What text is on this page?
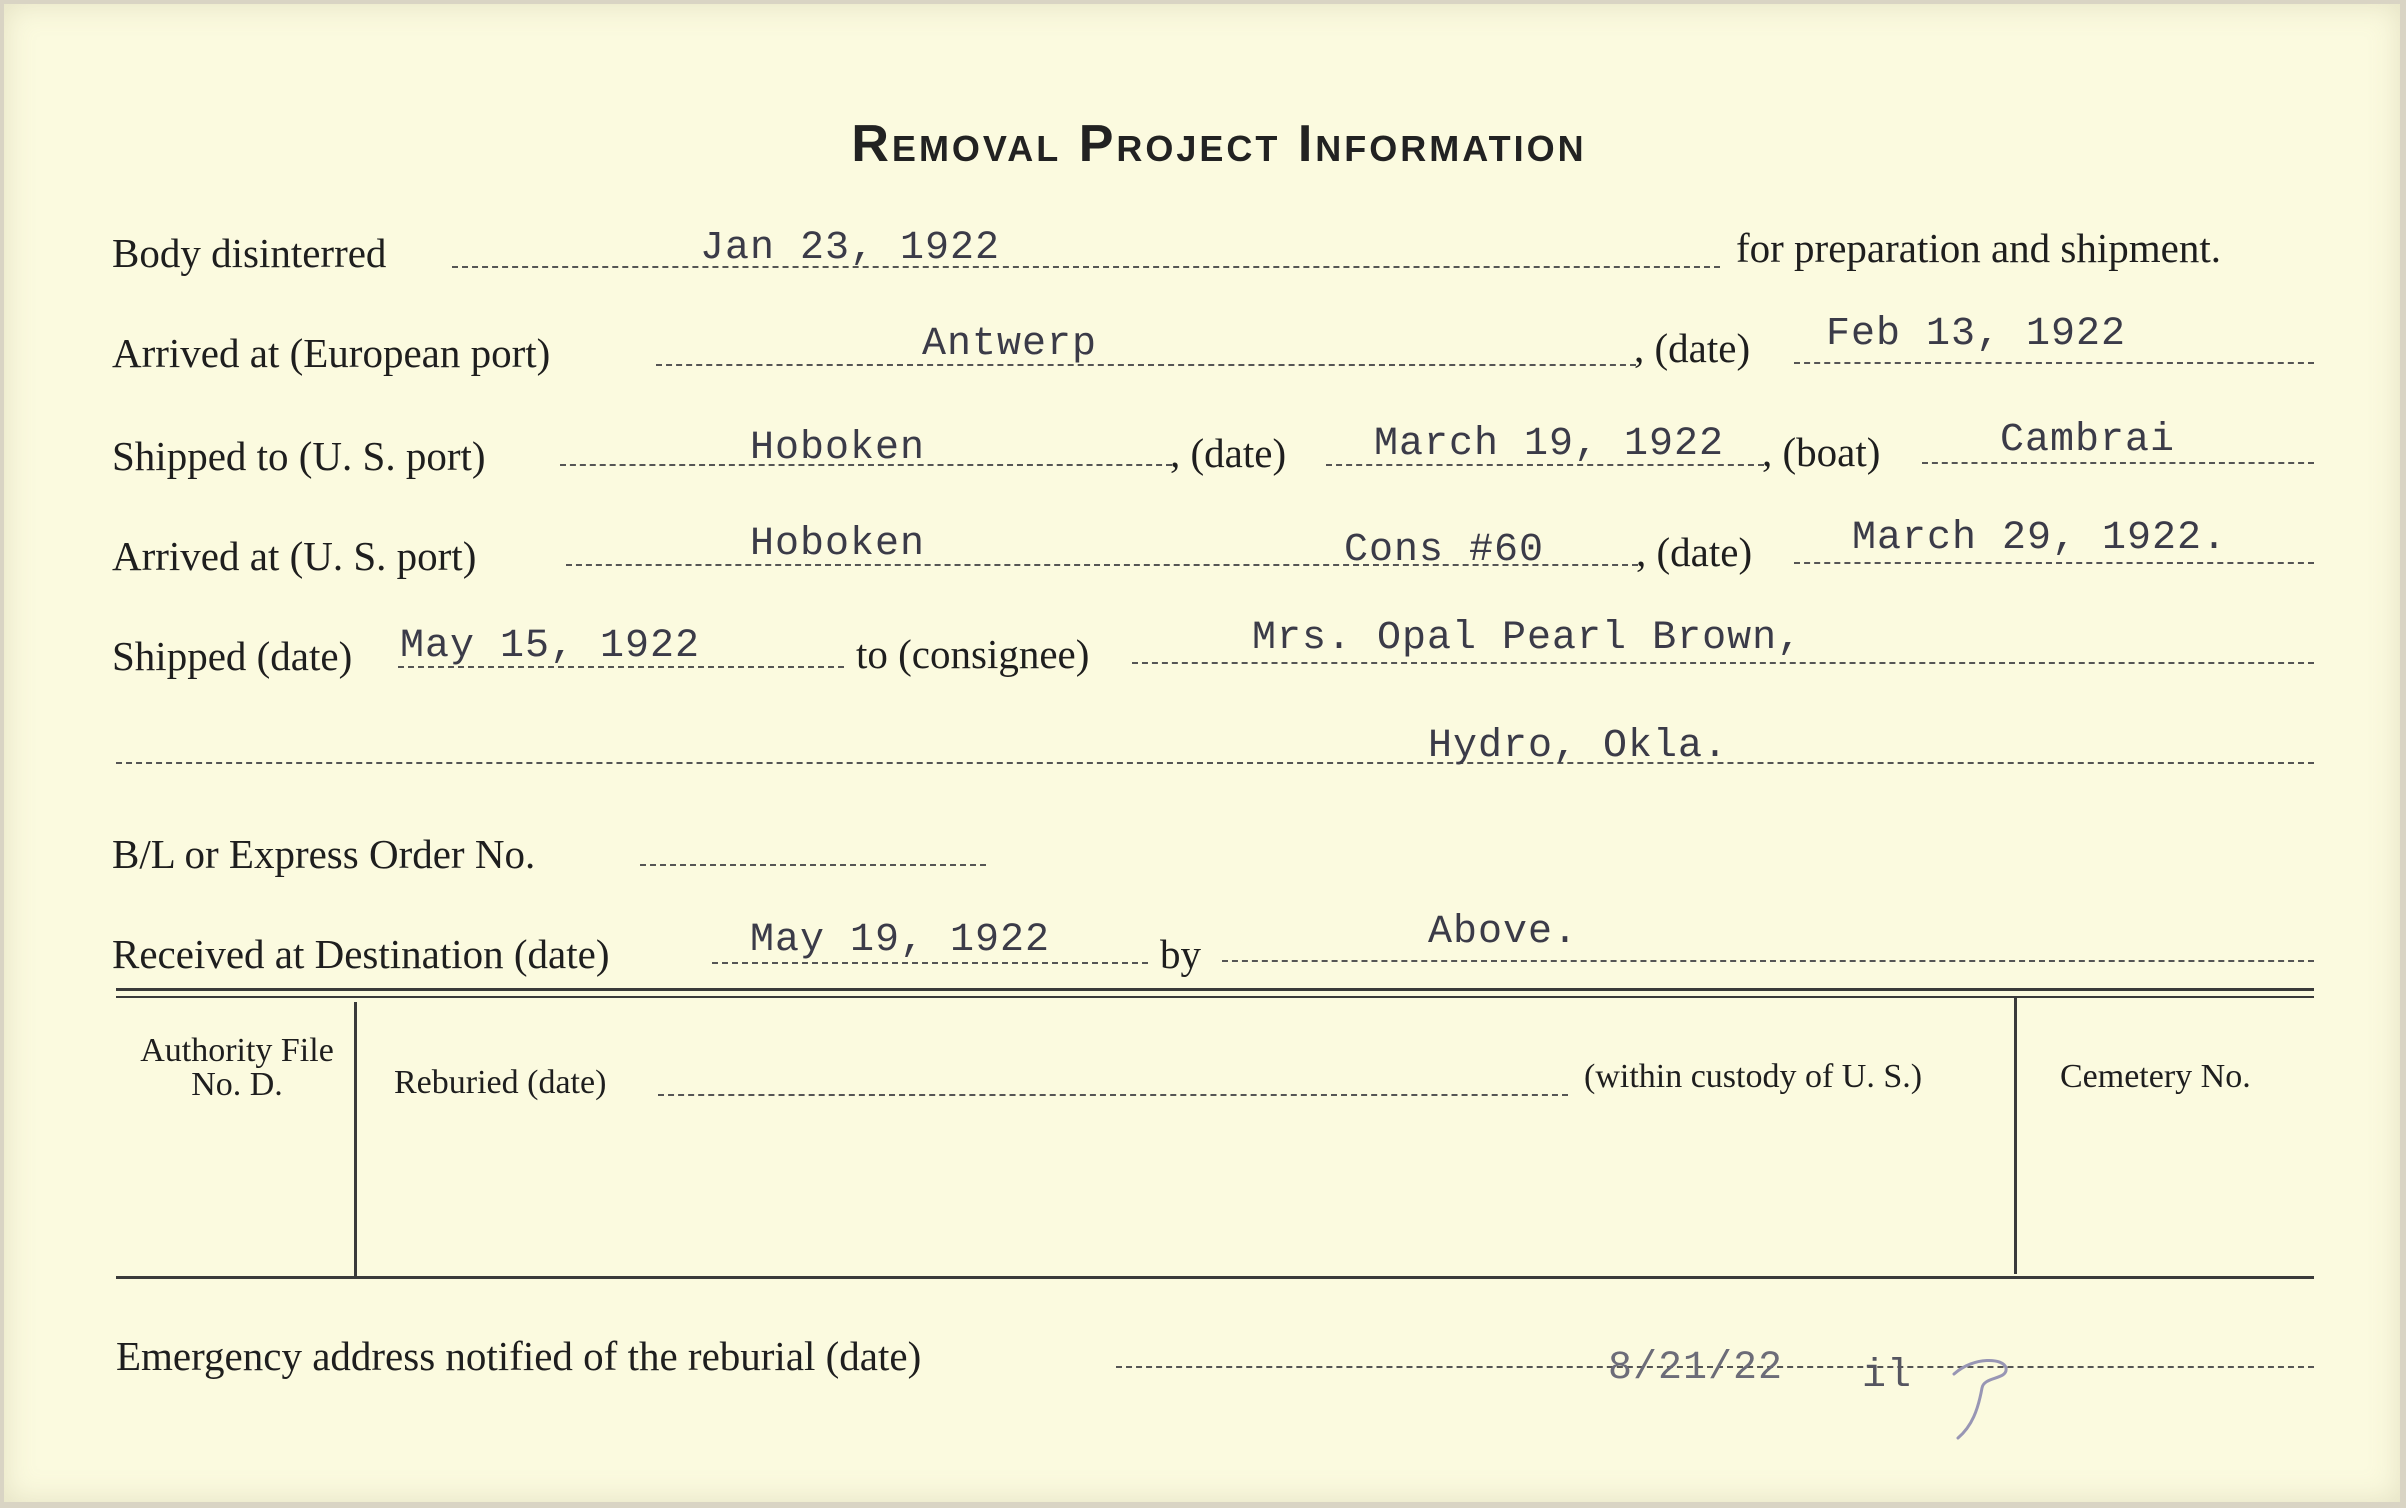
Removal Project Information
Body disinterred	Jan 23, 1922	for preparation and shipment.
Arrived at (European port)	Antwerp	, (date) Feb 13, 1922
Shipped to (U. S. port)	Hoboken	, (date) March 19, 1922 , (boat)	Cambrai
Arrived at (U. S. port)	Hoboken	Cons #60 , (date) March 29, 1922.
Shipped (date) May 15, 1922	to (consignee)	Mrs. Opal Pearl Brown,
Hydro, Okla.
B/L or Express Order No.
Received at Destination (date)	May 19, 1922	by	Above.
Authority File No. D.	Reburied (date)	(within custody of U. S.)	Cemetery No.
Emergency address notified of the reburial (date)	8/21/22 il
